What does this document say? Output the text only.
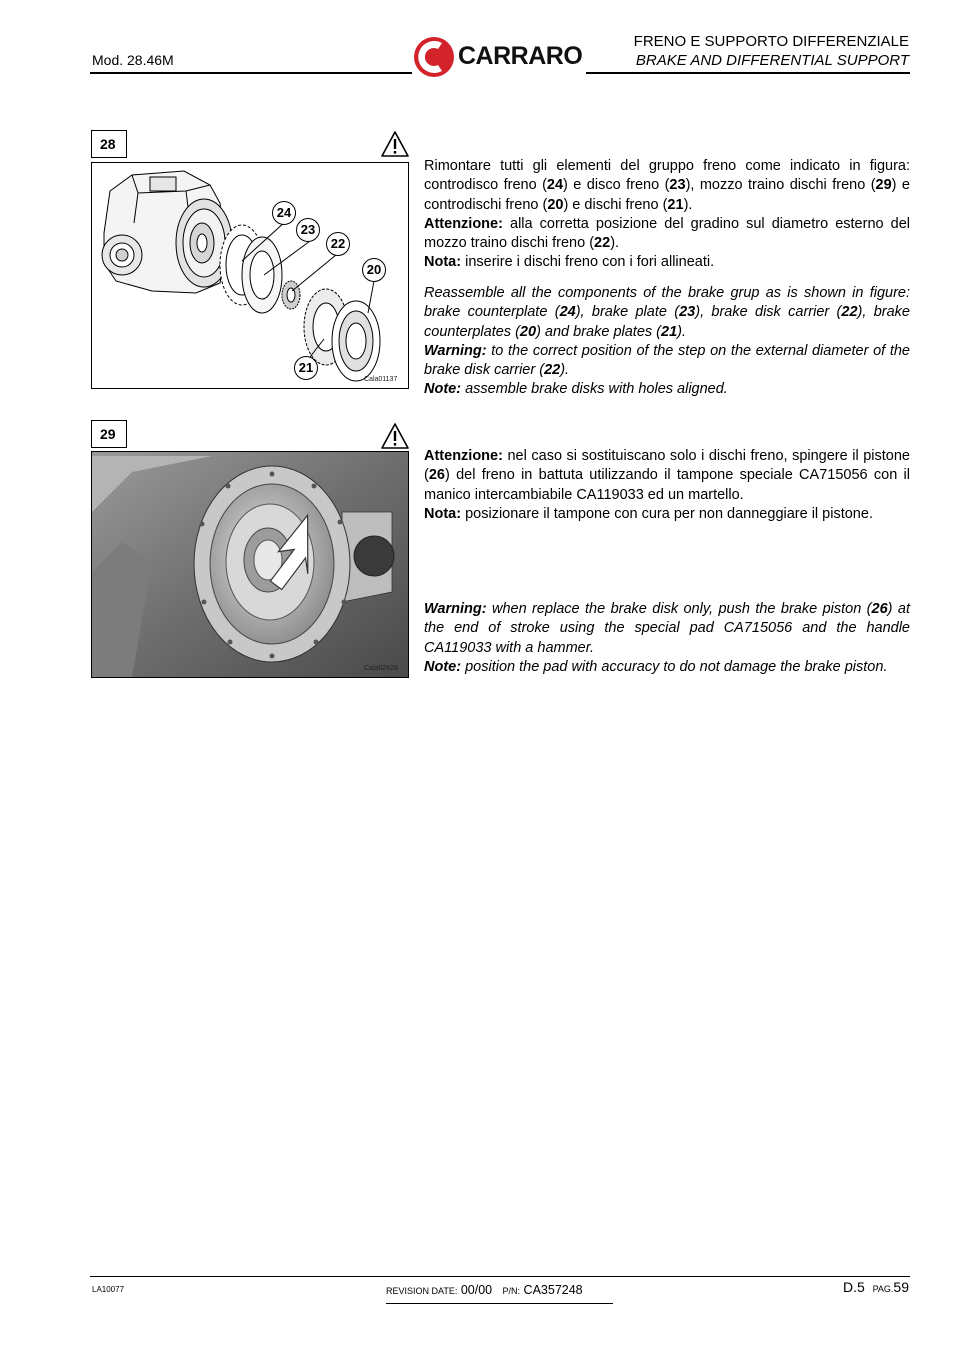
Mod. 28.46M	CARRARO
FRENO E SUPPORTO DIFFERENZIALE
BRAKE AND DIFFERENTIAL SUPPORT
28
24
23
22
20
21
Cala01137

Rimontare tutti gli elementi del gruppo freno come indicato in figura: controdisco freno (24) e disco freno (23), mozzo traino dischi freno (29) e controdischi freno (20) e dischi freno (21).

Attenzione: alla corretta posizione del gradino sul diametro esterno del mozzo traino dischi freno (22).

Nota: inserire i dischi freno con i fori allineati.

Reassemble all the components of the brake grup as is shown in figure: brake counterplate (24), brake plate (23), brake disk carrier (22), brake counterplates (20) and brake plates (21).

Warning: to the correct position of the step on the external diameter of the brake disk carrier (22).

Note: assemble brake disks with holes aligned.

29
Cala02428

Attenzione: nel caso si sostituiscano solo i dischi freno, spingere il pistone (26) del freno in battuta utilizzando il tampone speciale CA715056 con il manico intercambiabile CA119033 ed un martello.

Nota: posizionare il tampone con cura per non danneggiare il pistone.

Warning: when replace the brake disk only, push the brake piston (26) at the end of stroke using the special pad CA715056 and the handle CA119033 with a hammer.

Note: position the pad with accuracy to do not damage the brake piston.

LA10077	REVISION DATE: 00/00 P/N: CA357248	D.5 PAG.59
